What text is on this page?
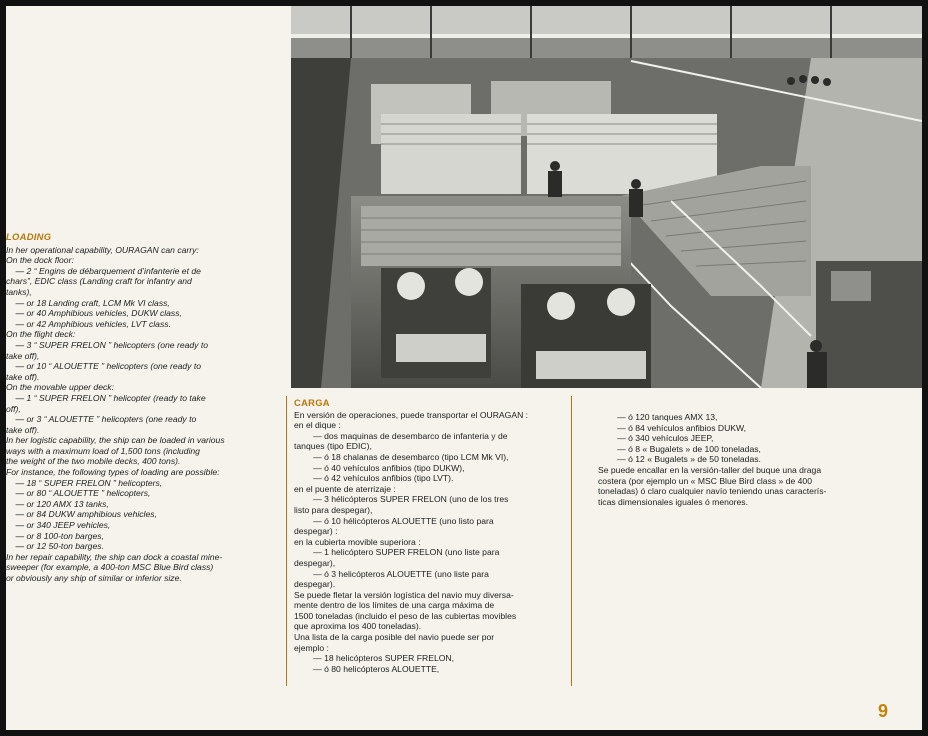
LOADING
In her operational capability, OURAGAN can carry:
On the dock floor:
— 2 “ Engins de débarquement d’infanterie et de
chars”, EDIC class (Landing craft for infantry and
tanks),
— or 18 Landing craft, LCM Mk VI class,
— or 40 Amphibious vehicles, DUKW class,
— or 42 Amphibious vehicles, LVT class.
On the flight deck:
— 3 “ SUPER FRELON ” helicopters (one ready to
take off),
— or 10 “ ALOUETTE ” helicopters (one ready to
take off).
On the movable upper deck:
— 1 “ SUPER FRELON ” helicopter (ready to take
off),
— or 3 “ ALOUETTE ” helicopters (one ready to
take off).
In her logistic capability, the ship can be loaded in various
ways with a maximum load of 1,500 tons (including
the weight of the two mobile decks, 400 tons).
For instance, the following types of loading are possible:
— 18 “ SUPER FRELON ” helicopters,
— or 80 “ ALOUETTE ” helicopters,
— or 120 AMX 13 tanks,
— or 84 DUKW amphibious vehicles,
— or 340 JEEP vehicles,
— or 8 100-ton barges,
— or 12 50-ton barges.
In her repair capability, the ship can dock a coastal mine-
sweeper (for example, a 400-ton MSC Blue Bird class)
or obviously any ship of similar or inferior size.
CARGA
En versión de operaciones, puede transportar el OURAGAN :
en el dique :
— dos maquinas de desembarco de infanteria y de
tanques (tipo EDIC),
— ó 18 chalanas de desembarco (tipo LCM Mk VI),
— ó 40 vehículos anfibios (tipo DUKW),
— ó 42 vehículos anfibios (tipo LVT).
en el puente de aterrizaje :
— 3 hélicópteros SUPER FRELON (uno de los tres
listo para despegar),
— ó 10 hélicópteros ALOUETTE (uno listo para
despegar) :
en la cubierta movible superiora :
— 1 helicóptero SUPER FRELON (uno liste para
despegar),
— ó 3 helicópteros ALOUETTE (uno liste para
despegar).
Se puede fletar la versión logística del navio muy diversa-
mente dentro de los límites de una carga máxima de
1500 toneladas (incluido el peso de las cubiertas movibles
que aproxima los 400 toneladas).
Una lista de la carga posible del navio puede ser por
ejemplo :
— 18 helicópteros SUPER FRELON,
— ó 80 helicópteros ALOUETTE,
— ó 120 tanques AMX 13,
— ó 84 vehículos anfibios DUKW,
— ó 340 vehículos JEEP,
— ó 8 « Bugalets » de 100 toneladas,
— ó 12 « Bugalets » de 50 toneladas.
Se puede encallar en la versión-taller del buque una draga
costera (por ejemplo un « MSC Blue Bird class » de 400
toneladas) ó claro cualquier navío teniendo unas caracterís-
ticas dimensionales iguales ó menores.
9
